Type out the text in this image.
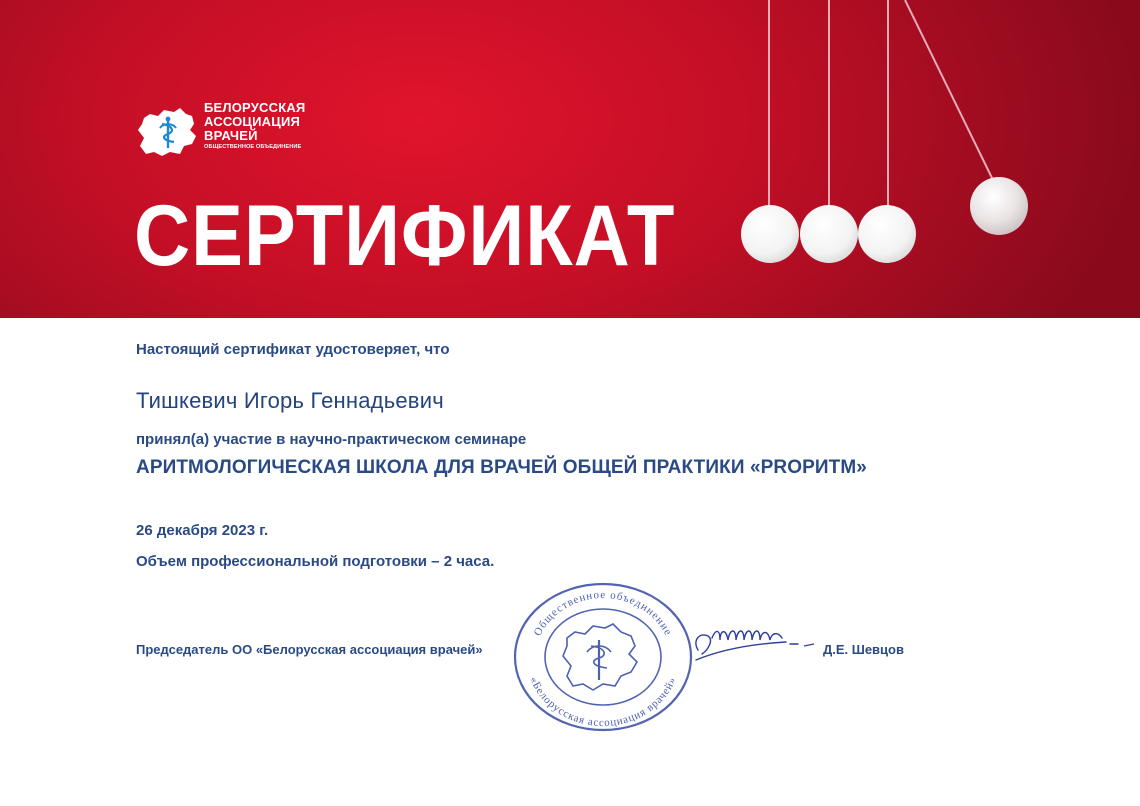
БЕЛОРУССКАЯ
АССОЦИАЦИЯ
ВРАЧЕЙ
ОБЩЕСТВЕННОЕ ОБЪЕДИНЕНИЕ
СЕРТИФИКАТ
Настоящий сертификат удостоверяет, что
Тишкевич Игорь Геннадьевич
принял(а) участие в научно-практическом семинаре
АРИТМОЛОГИЧЕСКАЯ ШКОЛА ДЛЯ ВРАЧЕЙ ОБЩЕЙ ПРАКТИКИ «PROРИТМ»
26 декабря 2023 г.
Объем профессиональной подготовки – 2 часа.
Общественное объединение
«Белорусская ассоциация врачей»
Председатель ОО «Белорусская ассоциация врачей»	Д.Е. Шевцов
